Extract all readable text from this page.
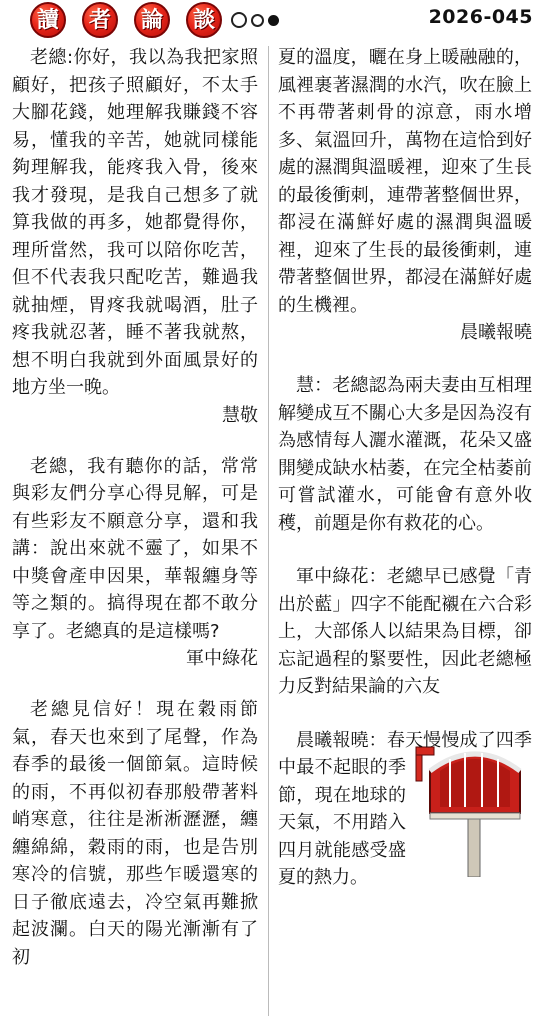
讀	者	論	談	2026-045

老總:你好，我以為我把家照顧好，把孩子照顧好，不太手大腳花錢，她理解我賺錢不容易，懂我的辛苦，她就同樣能夠理解我，能疼我入骨，後來我才發現，是我自己想多了就算我做的再多，她都覺得你，理所當然，我可以陪你吃苦，但不代表我只配吃苦，難過我就抽煙，胃疼我就喝酒，肚子疼我就忍著，睡不著我就熬，想不明白我就到外面風景好的地方坐一晚。

慧敬

老總，我有聽你的話，常常與彩友們分享心得見解，可是有些彩友不願意分享，還和我講：說出來就不靈了，如果不中獎會產申因果，華報纏身等等之類的。搞得現在都不敢分享了。老總真的是這樣嗎?

軍中綠花

老總見信好！現在穀雨節氣，春天也來到了尾聲，作為春季的最後一個節氣。這時候的雨，不再似初春那般帶著料峭寒意，往往是淅淅瀝瀝，纏纏綿綿，穀雨的雨，也是告別寒冷的信號，那些乍暖還寒的日子徹底遠去，冷空氣再難掀起波瀾。白天的陽光漸漸有了初

夏的溫度，曬在身上暖融融的，風裡裹著濕潤的水汽，吹在臉上不再帶著刺骨的涼意，雨水增多、氣溫回升，萬物在這恰到好處的濕潤與溫暖裡，迎來了生長的最後衝刺，連帶著整個世界，都浸在滿鮮好處的濕潤與溫暖裡，迎來了生長的最後衝刺，連帶著整個世界，都浸在滿鮮好處的生機裡。

晨曦報曉

慧：老總認為兩夫妻由互相理解變成互不關心大多是因為沒有為感情每人灑水灌溉，花朵又盛開變成缺水枯萎，在完全枯萎前可嘗試灌水，可能會有意外收穫，前題是你有救花的心。

軍中綠花：老總早已感覺「青出於藍」四字不能配襯在六合彩上，大部係人以結果為目標，卻忘記過程的緊要性，因此老總極力反對結果論的六友

晨曦報曉：春天慢慢成了四季中最不起眼的季節，現在地球的天氣，不用踏入四月就能感受盛夏的熱力。
